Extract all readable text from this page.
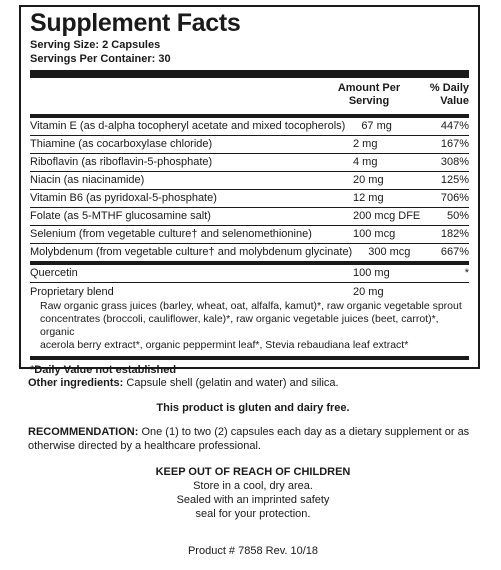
Supplement Facts
Serving Size: 2 Capsules
Servings Per Container: 30
Amount Per
Serving
% Daily
Value
Vitamin E (as d-alpha tocopheryl acetate and mixed tocopherols)	67 mg	447%
Thiamine (as cocarboxylase chloride)	2 mg	167%
Riboflavin (as riboflavin-5-phosphate)	4 mg	308%
Niacin (as niacinamide)	20 mg	125%
Vitamin B6 (as pyridoxal-5-phosphate)	12 mg	706%
Folate (as 5-MTHF glucosamine salt)	200 mcg DFE	50%
Selenium (from vegetable culture† and selenomethionine)	100 mcg	182%
Molybdenum (from vegetable culture† and molybdenum glycinate)	300 mcg	667%
Quercetin	100 mg	*
Proprietary blend	20 mg
Raw organic grass juices (barley, wheat, oat, alfalfa, kamut)*, raw organic vegetable sprout
concentrates (broccoli, cauliflower, kale)*, raw organic vegetable juices (beet, carrot)*, organic
acerola berry extract*, organic peppermint leaf*, Stevia rebaudiana leaf extract*
*Daily Value not established
Other ingredients: Capsule shell (gelatin and water) and silica.
This product is gluten and dairy free.
RECOMMENDATION: One (1) to two (2) capsules each day as a dietary supplement or as
otherwise directed by a healthcare professional.
KEEP OUT OF REACH OF CHILDREN
Store in a cool, dry area.
Sealed with an imprinted safety
seal for your protection.
Product # 7858 Rev. 10/18
